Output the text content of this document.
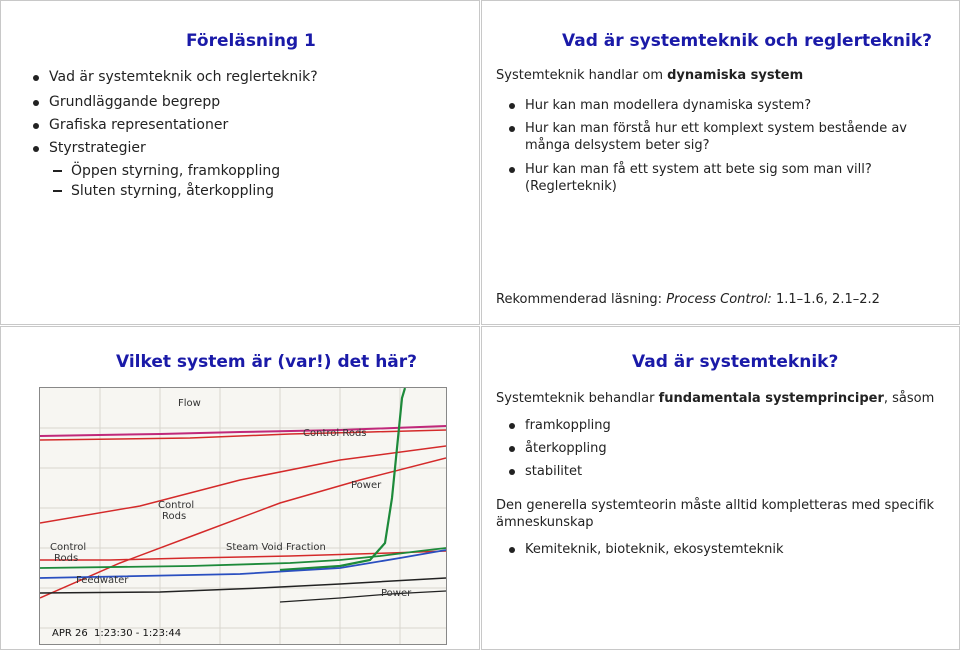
Föreläsning 1
Vad är systemteknik och reglerteknik?
Grundläggande begrepp
Grafiska representationer
Styrstrategier
Öppen styrning, framkoppling
Sluten styrning, återkoppling
Vad är systemteknik och reglerteknik?
Systemteknik handlar om dynamiska system
Hur kan man modellera dynamiska system?
Hur kan man förstå hur ett komplext system bestående av
många delsystem beter sig?
Hur kan man få ett system att bete sig som man vill?
(Reglerteknik)
Rekommenderad läsning: Process Control: 1.1–1.6, 2.1–2.2
Vilket system är (var!) det här?
Flow
Control Rods
Power
Control
Rods
Steam Void Fraction
Control
Rods
Feedwater
Power
APR 26 1:23:30 - 1:23:44
Vad är systemteknik?
Systemteknik behandlar fundamentala systemprinciper, såsom
framkoppling
återkoppling
stabilitet
Den generella systemteorin måste alltid kompletteras med specifik
ämneskunskap
Kemiteknik, bioteknik, ekosystemteknik
